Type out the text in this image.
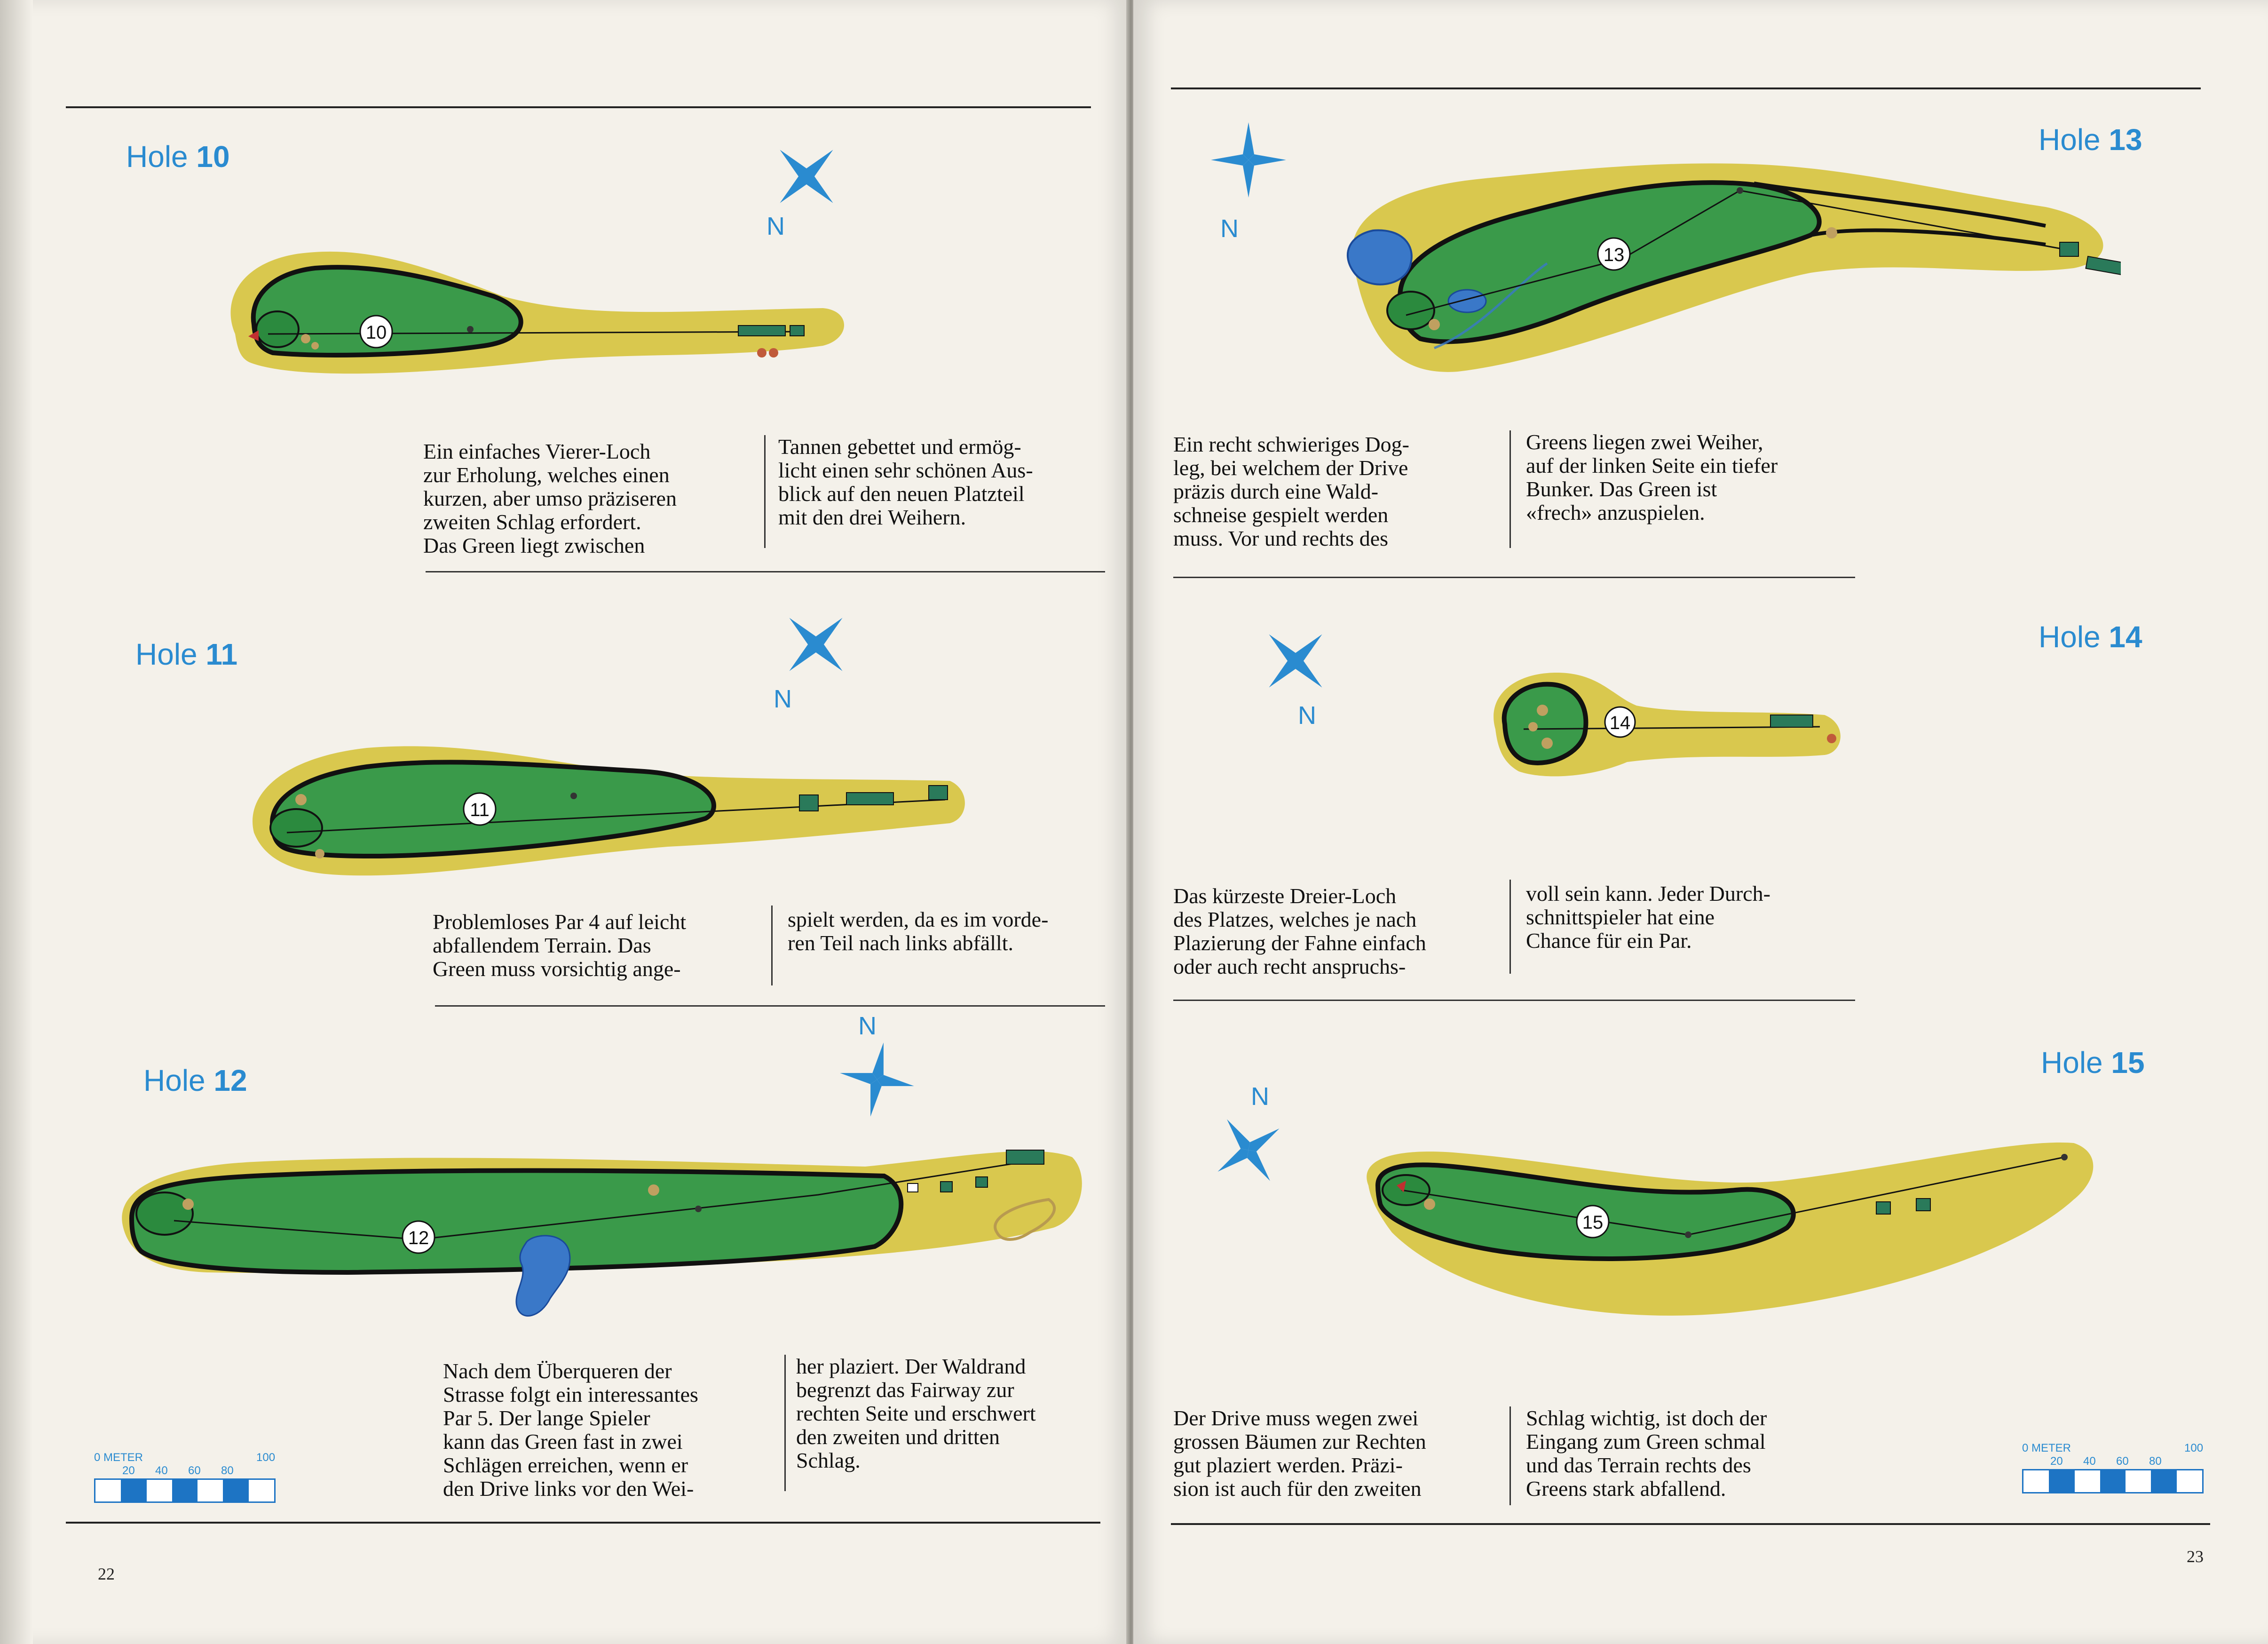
Hole 10
N
10

Ein einfaches Vierer-Loch
zur Erholung, welches einen
kurzen, aber umso präziseren
zweiten Schlag erfordert.
Das Green liegt zwischen

Tannen gebettet und ermög-
licht einen sehr schönen Aus-
blick auf den neuen Platzteil
mit den drei Weihern.

Hole 11
N
11

Problemloses Par 4 auf leicht
abfallendem Terrain. Das
Green muss vorsichtig ange-

spielt werden, da es im vorde-
ren Teil nach links abfällt.

Hole 12
N
12

Nach dem Überqueren der
Strasse folgt ein interessantes
Par 5. Der lange Spieler
kann das Green fast in zwei
Schlägen erreichen, wenn er
den Drive links vor den Wei-

her plaziert. Der Waldrand
begrenzt das Fairway zur
rechten Seite und erschwert
den zweiten und dritten
Schlag.

0 METER
20 40 60 80
100
22
Hole 13
N
13

Ein recht schwieriges Dog-
leg, bei welchem der Drive
präzis durch eine Wald-
schneise gespielt werden
muss. Vor und rechts des

Greens liegen zwei Weiher,
auf der linken Seite ein tiefer
Bunker. Das Green ist
«frech» anzuspielen.

Hole 14
N	14

Das kürzeste Dreier-Loch
des Platzes, welches je nach
Plazierung der Fahne einfach
oder auch recht anspruchs-

voll sein kann. Jeder Durch-
schnittspieler hat eine
Chance für ein Par.

Hole 15
N
15

Der Drive muss wegen zwei
grossen Bäumen zur Rechten
gut plaziert werden. Präzi-
sion ist auch für den zweiten

Schlag wichtig, ist doch der
Eingang zum Green schmal
und das Terrain rechts des
Greens stark abfallend.

0 METER
20 40 60 80
100
23
